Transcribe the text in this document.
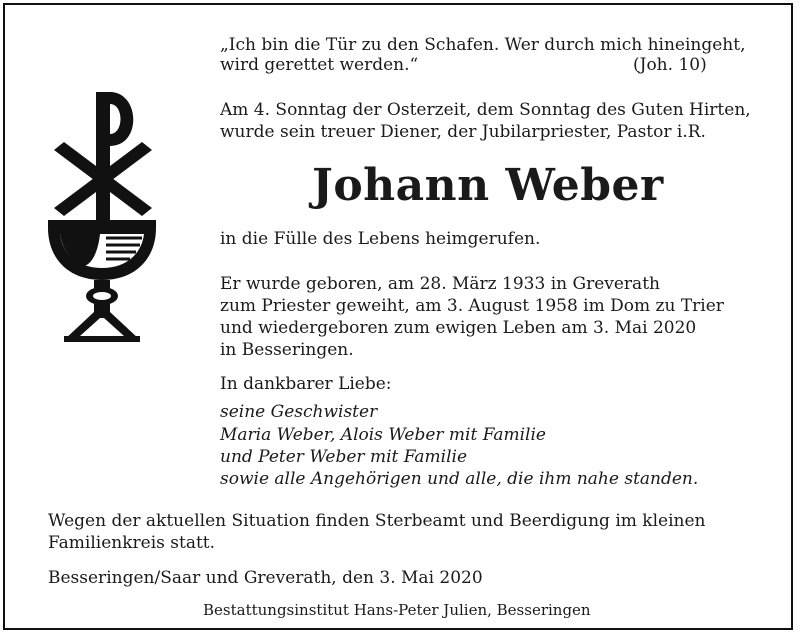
„Ich bin die Tür zu den Schafen. Wer durch mich hineingeht,
wird gerettet werden.“	(Joh. 10)
Am 4. Sonntag der Osterzeit, dem Sonntag des Guten Hirten,
wurde sein treuer Diener, der Jubilarpriester, Pastor i.R.
Johann Weber
in die Fülle des Lebens heimgerufen.
Er wurde geboren, am 28. März 1933 in Greverath
zum Priester geweiht, am 3. August 1958 im Dom zu Trier
und wiedergeboren zum ewigen Leben am 3. Mai 2020
in Besseringen.
In dankbarer Liebe:
seine Geschwister
Maria Weber, Alois Weber mit Familie
und Peter Weber mit Familie
sowie alle Angehörigen und alle, die ihm nahe standen.
Wegen der aktuellen Situation finden Sterbeamt und Beerdigung im kleinen
Familienkreis statt.
Besseringen/Saar und Greverath, den 3. Mai 2020
Bestattungsinstitut Hans-Peter Julien, Besseringen
